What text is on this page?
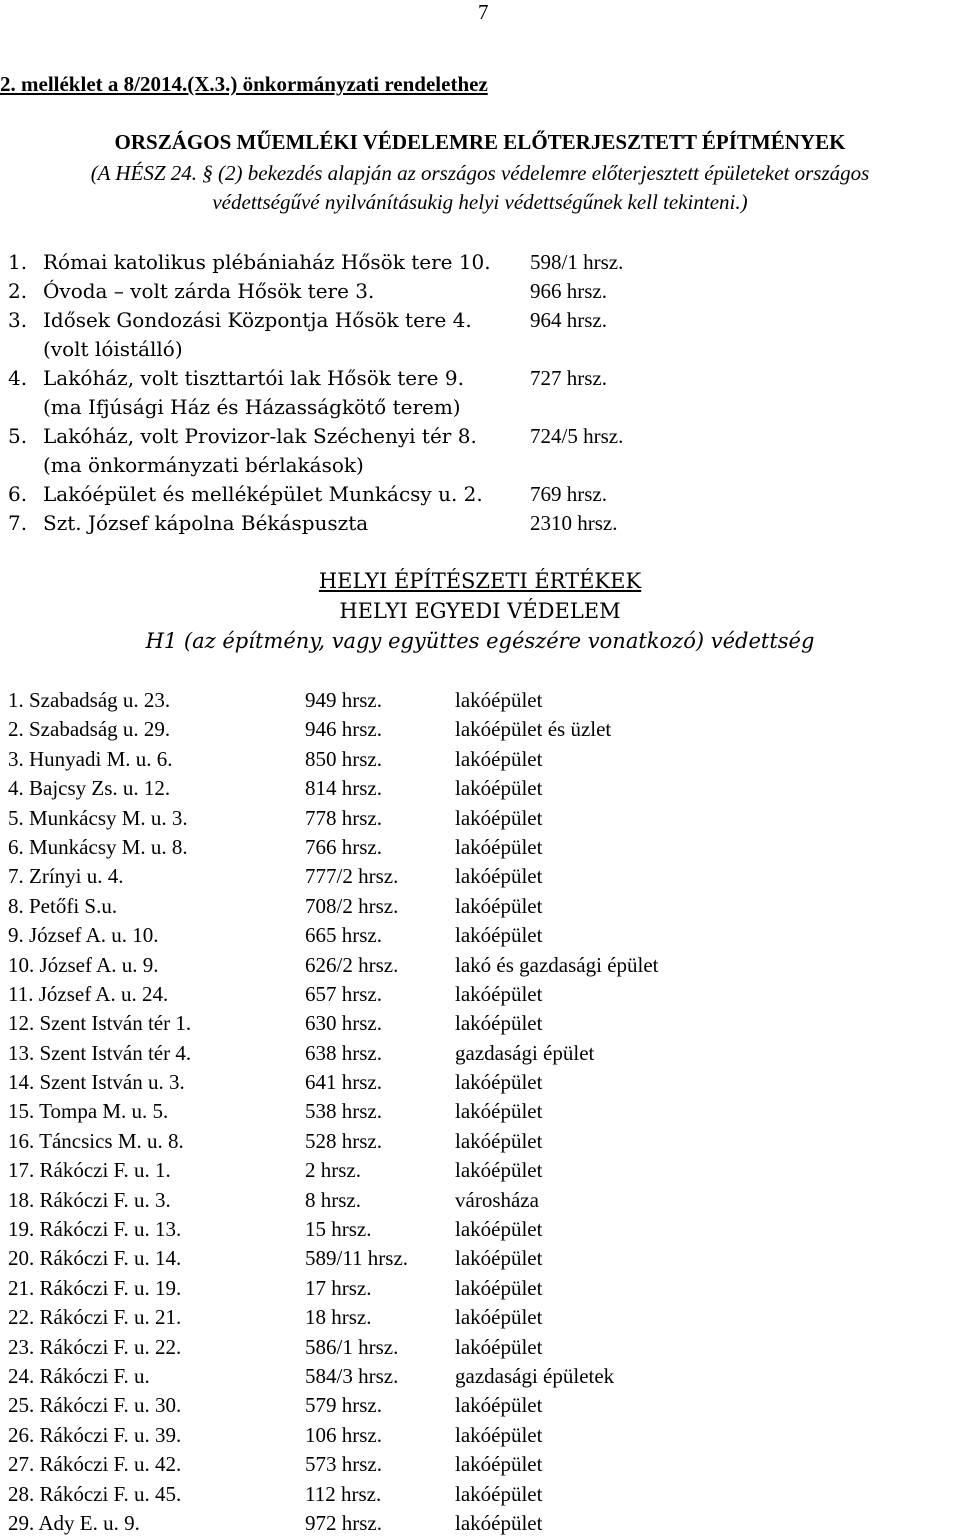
7
2. melléklet a 8/2014.(X.3.) önkormányzati rendelethez
ORSZÁGOS MŰEMLÉKI VÉDELEMRE ELŐTERJESZTETT ÉPÍTMÉNYEK
(A HÉSZ 24. § (2) bekezdés alapján az országos védelemre előterjesztett épületeket országos
védettségűvé nyilvánításukig helyi védettségűnek kell tekinteni.)
1. Római katolikus plébániaház Hősök tere 10. 598/1 hrsz.
2. Óvoda – volt zárda Hősök tere 3.	966 hrsz.
3. Idősek Gondozási Központja Hősök tere 4.	964 hrsz.
(volt lóistálló)
4. Lakóház, volt tiszttartói lak Hősök tere 9.	727 hrsz.
(ma Ifjúsági Ház és Házasságkötő terem)
5. Lakóház, volt Provizor-lak Széchenyi tér 8.	724/5 hrsz.
(ma önkormányzati bérlakások)
6. Lakóépület és melléképület Munkácsy u. 2. 769 hrsz.
7. Szt. József kápolna Békáspuszta	2310 hrsz.
HELYI ÉPÍTÉSZETI ÉRTÉKEK
HELYI EGYEDI VÉDELEM
H1 (az építmény, vagy együttes egészére vonatkozó) védettség
1. Szabadság u. 23.	949 hrsz.	lakóépület
2. Szabadság u. 29.	946 hrsz.	lakóépület és üzlet
3. Hunyadi M. u. 6.	850 hrsz.	lakóépület
4. Bajcsy Zs. u. 12.	814 hrsz.	lakóépület
5. Munkácsy M. u. 3.	778 hrsz.	lakóépület
6. Munkácsy M. u. 8.	766 hrsz.	lakóépület
7. Zrínyi u. 4.	777/2 hrsz.	lakóépület
8. Petőfi S.u.	708/2 hrsz.	lakóépület
9. József A. u. 10.	665 hrsz.	lakóépület
10. József A. u. 9.	626/2 hrsz.	lakó és gazdasági épület
11. József A. u. 24.	657 hrsz.	lakóépület
12. Szent István tér 1.	630 hrsz.	lakóépület
13. Szent István tér 4.	638 hrsz.	gazdasági épület
14. Szent István u. 3.	641 hrsz.	lakóépület
15. Tompa M. u. 5.	538 hrsz.	lakóépület
16. Táncsics M. u. 8.	528 hrsz.	lakóépület
17. Rákóczi F. u. 1.	2 hrsz.	lakóépület
18. Rákóczi F. u. 3.	8 hrsz.	városháza
19. Rákóczi F. u. 13.	15 hrsz.	lakóépület
20. Rákóczi F. u. 14.	589/11 hrsz. lakóépület
21. Rákóczi F. u. 19.	17 hrsz.	lakóépület
22. Rákóczi F. u. 21.	18 hrsz.	lakóépület
23. Rákóczi F. u. 22.	586/1 hrsz.	lakóépület
24. Rákóczi F. u.	584/3 hrsz.	gazdasági épületek
25. Rákóczi F. u. 30.	579 hrsz.	lakóépület
26. Rákóczi F. u. 39.	106 hrsz.	lakóépület
27. Rákóczi F. u. 42.	573 hrsz.	lakóépület
28. Rákóczi F. u. 45.	112 hrsz.	lakóépület
29. Ady E. u. 9.	972 hrsz.	lakóépület
